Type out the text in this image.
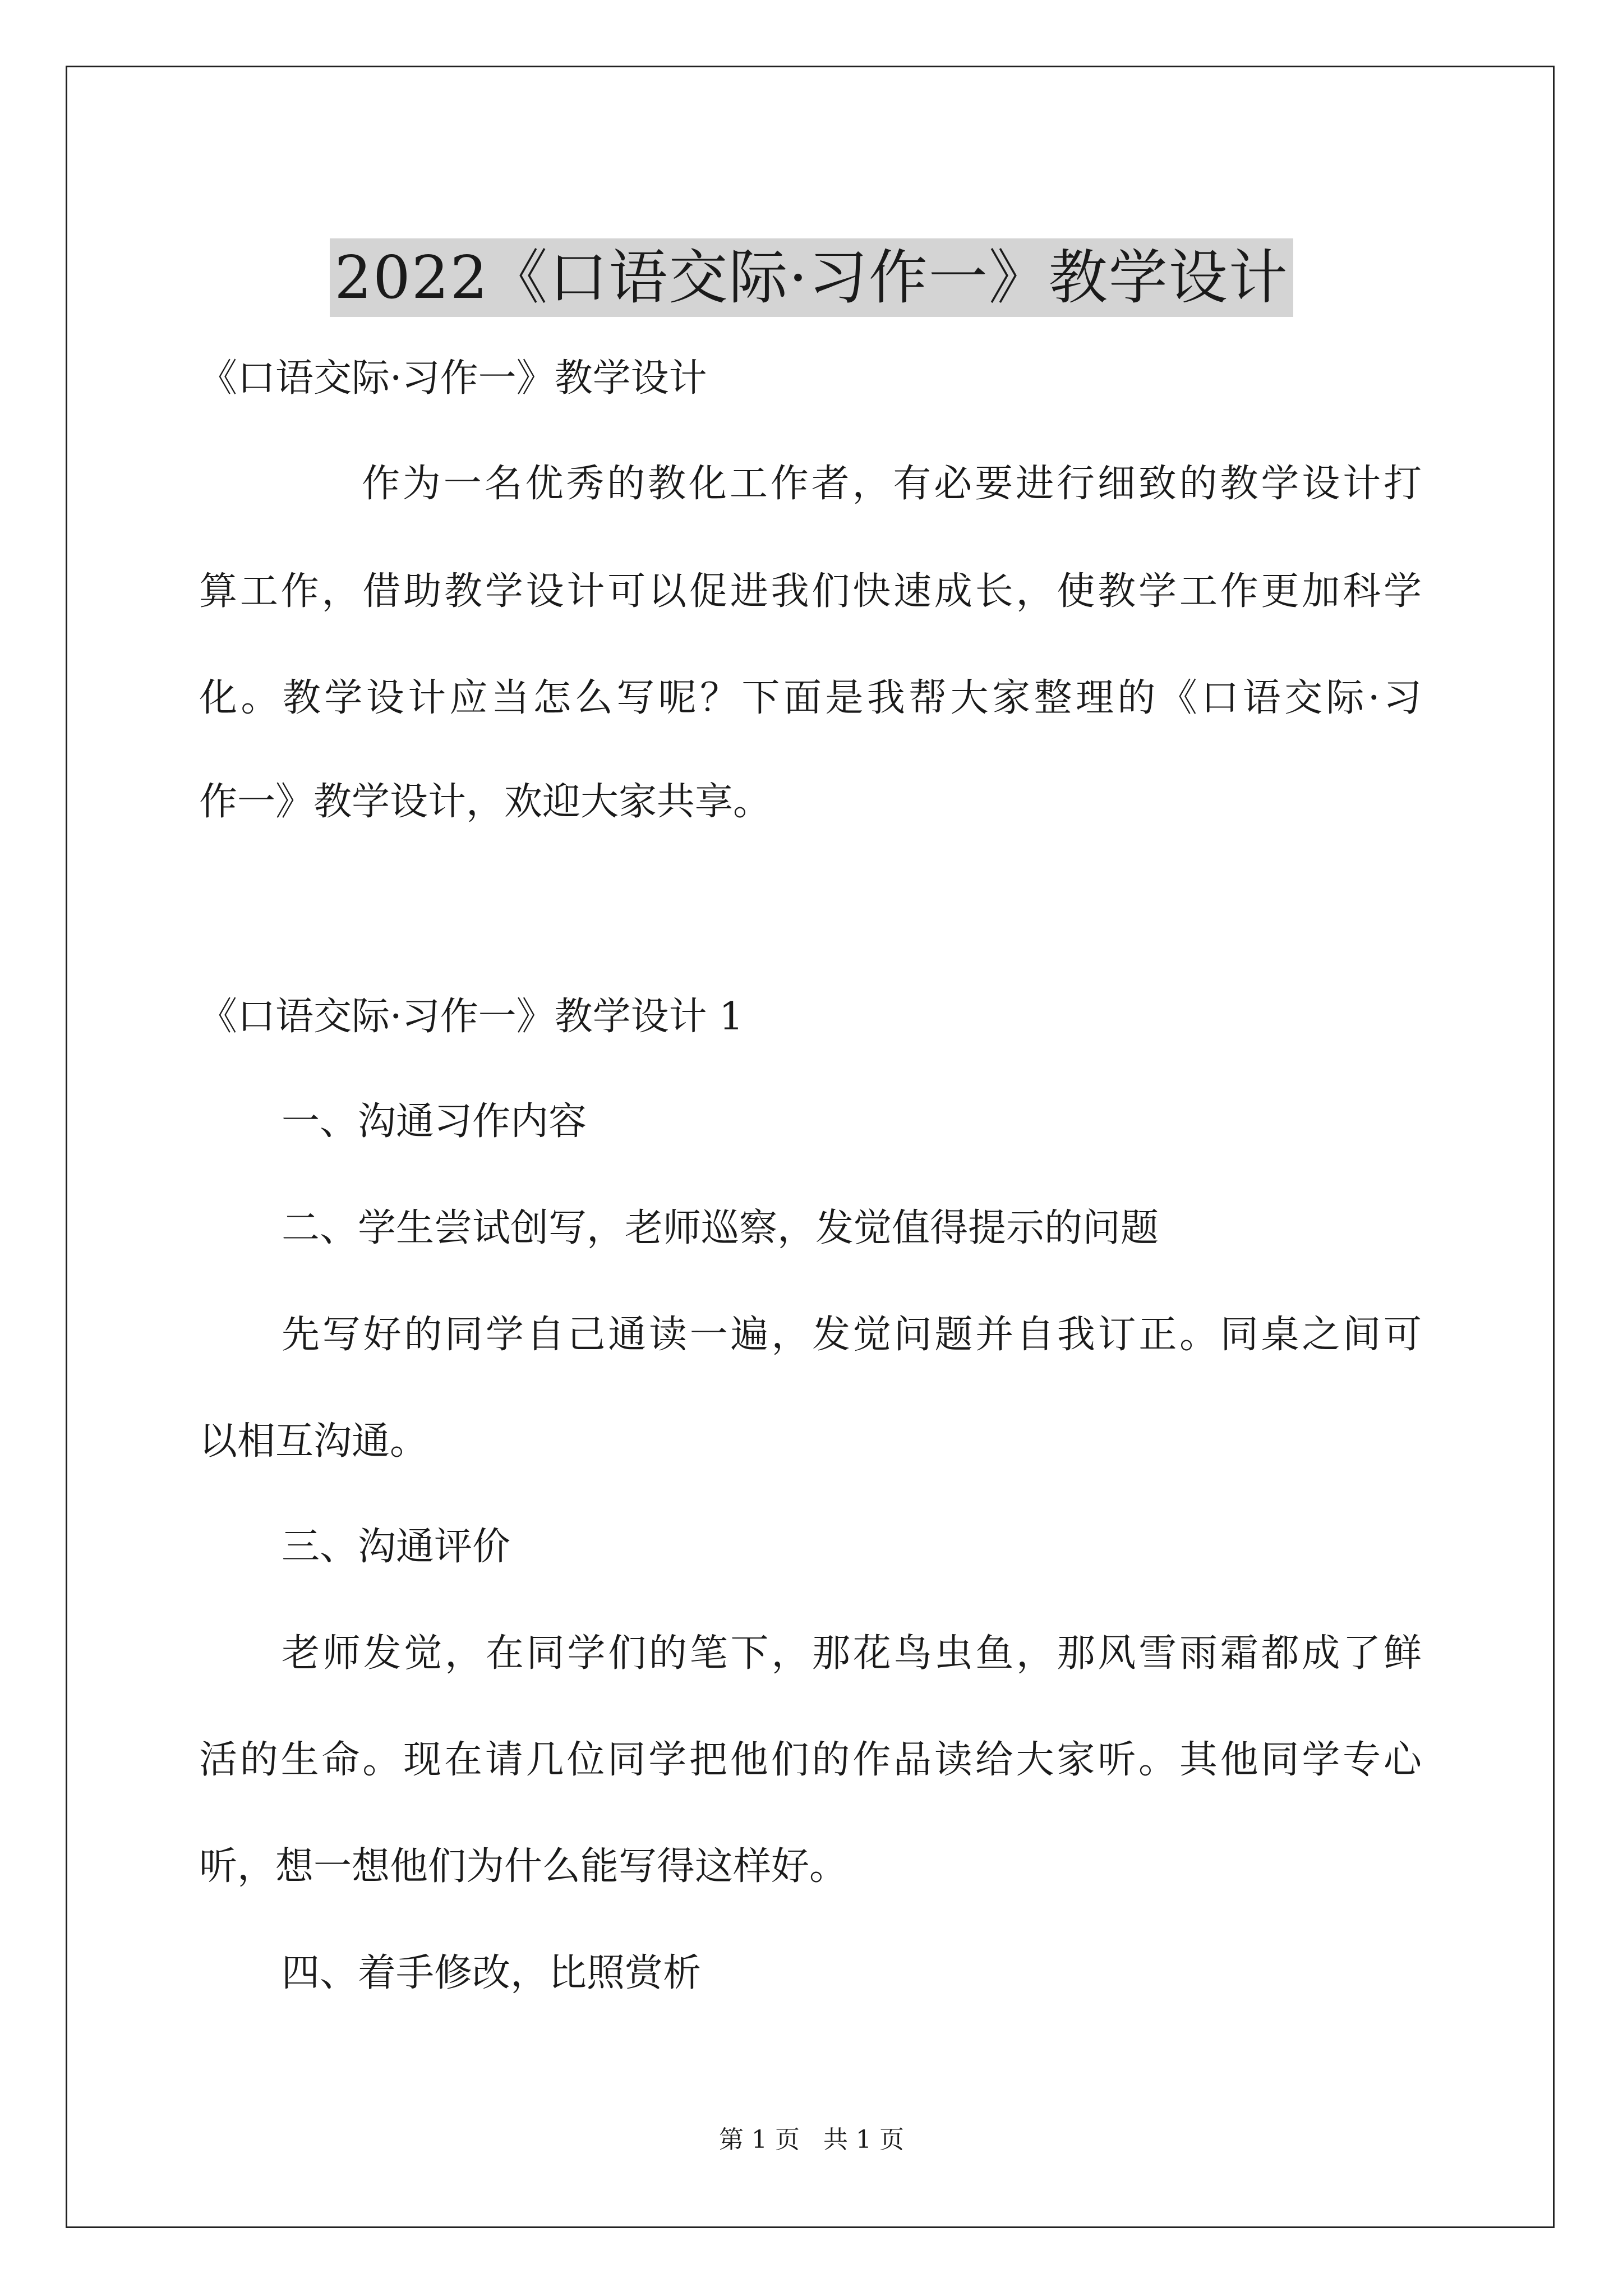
2022《口语交际·习作一》教学设计
《口语交际·习作一》教学设计
作为一名优秀的教化工作者，有必要进行细致的教学设计打
算工作，借助教学设计可以促进我们快速成长，使教学工作更加科学
化。教学设计应当怎么写呢？下面是我帮大家整理的《口语交际·习
作一》教学设计，欢迎大家共享。
《口语交际·习作一》教学设计 1
一、沟通习作内容
二、学生尝试创写，老师巡察，发觉值得提示的问题
先写好的同学自己通读一遍，发觉问题并自我订正。同桌之间可
以相互沟通。
三、沟通评价
老师发觉，在同学们的笔下，那花鸟虫鱼，那风雪雨霜都成了鲜
活的生命。现在请几位同学把他们的作品读给大家听。其他同学专心
听，想一想他们为什么能写得这样好。
四、着手修改，比照赏析
第 1 页   共 1 页
